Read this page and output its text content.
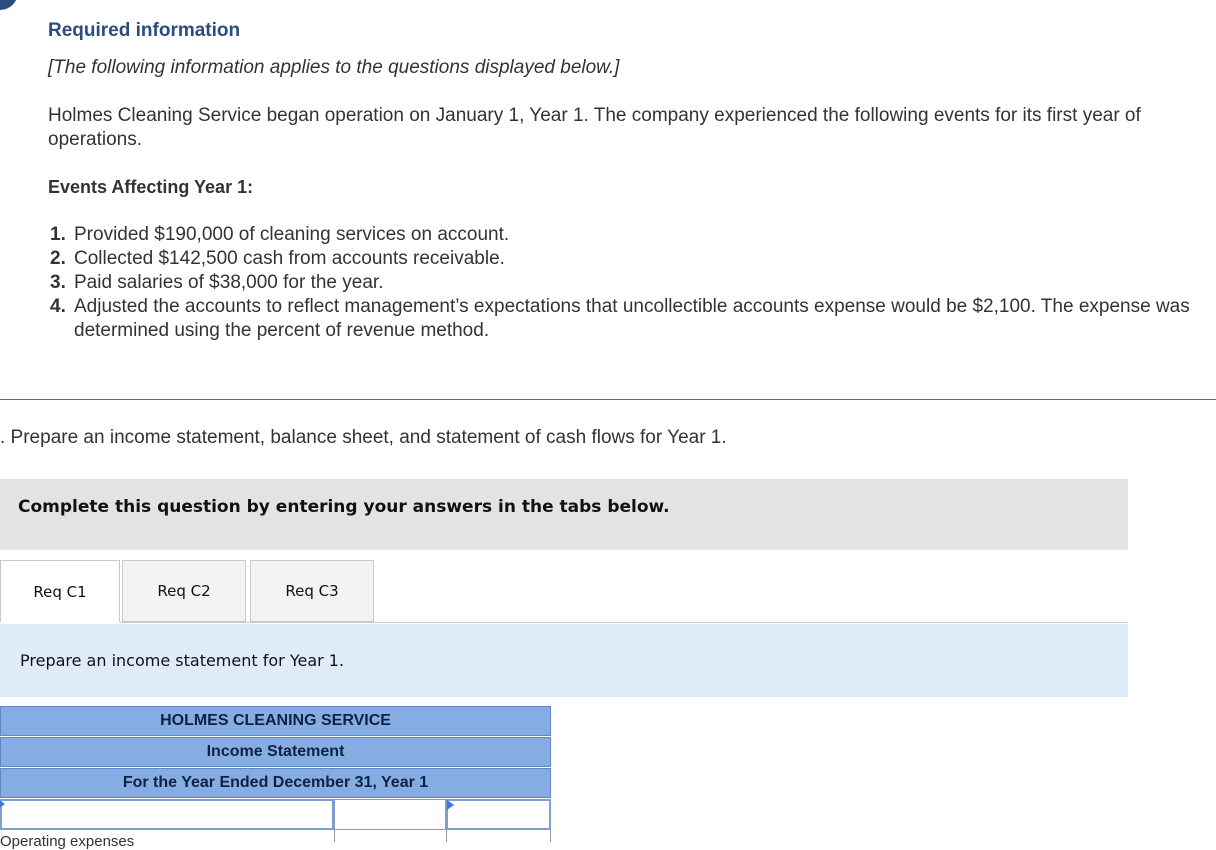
Required information
[The following information applies to the questions displayed below.]
Holmes Cleaning Service began operation on January 1, Year 1. The company experienced the following events for its first year of operations.
Events Affecting Year 1:
1. Provided $190,000 of cleaning services on account.
2. Collected $142,500 cash from accounts receivable.
3. Paid salaries of $38,000 for the year.
4. Adjusted the accounts to reflect management’s expectations that uncollectible accounts expense would be $2,100. The expense was determined using the percent of revenue method.
. Prepare an income statement, balance sheet, and statement of cash flows for Year 1.
Complete this question by entering your answers in the tabs below.
Req C1	Req C2	Req C3
Prepare an income statement for Year 1.
HOLMES CLEANING SERVICE
Income Statement
For the Year Ended December 31, Year 1
Operating expenses
